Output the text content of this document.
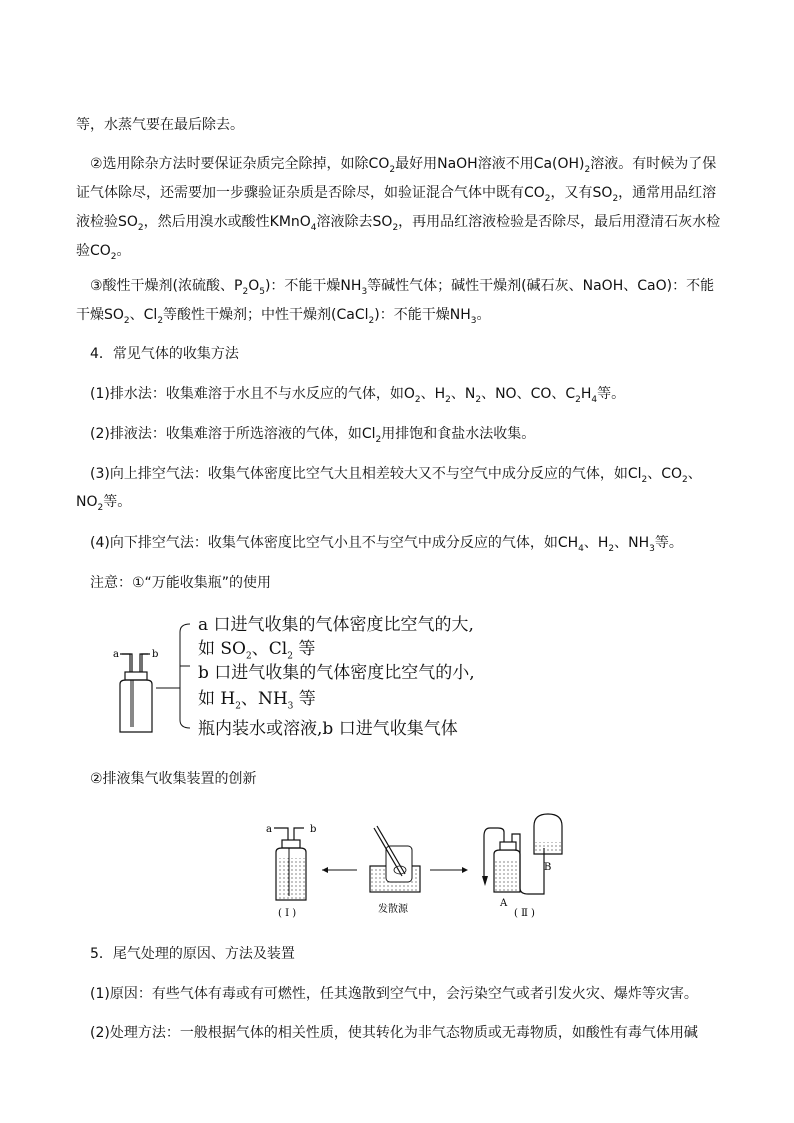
等，水蒸气要在最后除去。

②选用除杂方法时要保证杂质完全除掉，如除$CO_2$最好用NaOH溶液不用$Ca(OH)_2$溶液。有时候为了保证气体除尽，还需要加一步骤验证杂质是否除尽，如验证混合气体中既有$CO_2$，又有$SO_2$，通常用品红溶液检验$SO_2$，然后用溴水或酸性KMnO$_4$溶液除去$SO_2$，再用品红溶液检验是否除尽，最后用澄清石灰水检验$CO_2$。

③酸性干燥剂(浓硫酸、$P_2O_5$)：不能干燥$NH_3$等碱性气体；碱性干燥剂(碱石灰、NaOH、CaO)：不能干燥$SO_2$、$Cl_2$等酸性干燥剂；中性干燥剂(CaCl$_2$)：不能干燥$NH_3$。

4．常见气体的收集方法

(1)排水法：收集难溶于水且不与水反应的气体，如$O_2$、$H_2$、$N_2$、NO、CO、$C_2H_4$等。

(2)排液法：收集难溶于所选溶液的气体，如$Cl_2$用排饱和食盐水法收集。

(3)向上排空气法：收集气体密度比空气大且相差较大又不与空气中成分反应的气体，如$Cl_2$、$CO_2$、$NO_2$等。

(4)向下排空气法：收集气体密度比空气小且不与空气中成分反应的气体，如$CH_4$、$H_2$、$NH_3$等。

注意：①“万能收集瓶”的使用

a	b
a 口进气收集的气体密度比空气的大,
如 $SO_2$、$Cl_2$ 等
b 口进气收集的气体密度比空气的小,
如 $H_2$、$NH_3$ 等
瓶内装水或溶液,b 口进气收集气体

②排液集气收集装置的创新

a	b
B
A
( Ⅰ )	发散源	( Ⅱ )

5．尾气处理的原因、方法及装置

(1)原因：有些气体有毒或有可燃性，任其逸散到空气中，会污染空气或者引发火灾、爆炸等灾害。

(2)处理方法：一般根据气体的相关性质，使其转化为非气态物质或无毒物质，如酸性有毒气体用碱
